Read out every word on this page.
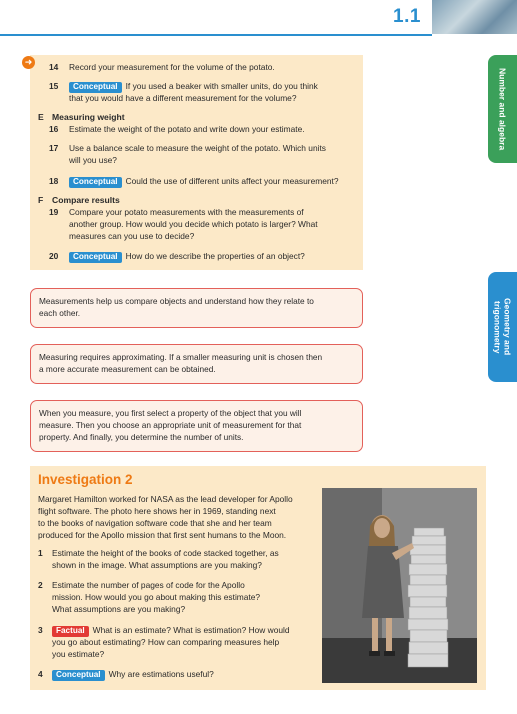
1.1
Number and algebra
Geometry and trigonometry
➜	14 Record your measurement for the volume of the potato.
15	Conceptual If you used a beaker with smaller units, do you think
that you would have a different measurement for the volume?
E Measuring weight
16 Estimate the weight of the potato and write down your estimate.
17 Use a balance scale to measure the weight of the potato. Which units
will you use?
18	Conceptual Could the use of different units affect your measurement?
F Compare results
19 Compare your potato measurements with the measurements of
another group. How would you decide which potato is larger? What
measures can you use to decide?
20	Conceptual How do we describe the properties of an object?
Measurements help us compare objects and understand how they relate to
each other.
Measuring requires approximating. If a smaller measuring unit is chosen then
a more accurate measurement can be obtained.
When you measure, you first select a property of the object that you will
measure. Then you choose an appropriate unit of measurement for that
property. And finally, you determine the number of units.
Investigation 2
Margaret Hamilton worked for NASA as the lead developer for Apollo
flight software. The photo here shows her in 1969, standing next
to the books of navigation software code that she and her team
produced for the Apollo mission that first sent humans to the Moon.
1 Estimate the height of the books of code stacked together, as
shown in the image. What assumptions are you making?
2 Estimate the number of pages of code for the Apollo
mission. How would you go about making this estimate?
What assumptions are you making?
3	Factual What is an estimate? What is estimation? How would
you go about estimating? How can comparing measures help
you estimate?
4	Conceptual Why are estimations useful?
